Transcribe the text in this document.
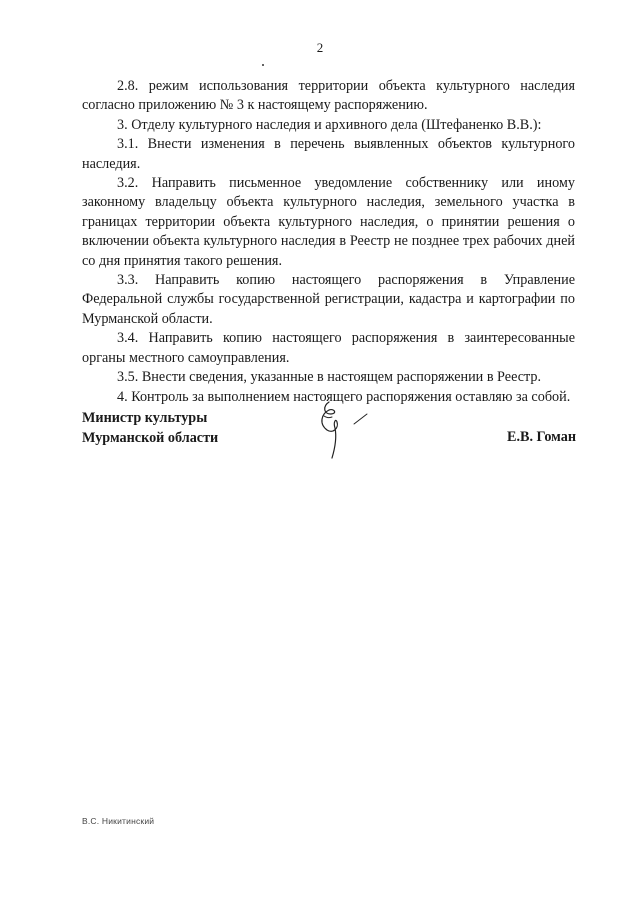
2

2.8. режим использования территории объекта культурного наследия согласно приложению № 3 к настоящему распоряжению.

3. Отделу культурного наследия и архивного дела (Штефаненко В.В.):

3.1. Внести изменения в перечень выявленных объектов культурного наследия.

3.2. Направить письменное уведомление собственнику или иному законному владельцу объекта культурного наследия, земельного участка в границах территории объекта культурного наследия, о принятии решения о включении объекта культурного наследия в Реестр не позднее трех рабочих дней со дня принятия такого решения.

3.3. Направить копию настоящего распоряжения в Управление Федеральной службы государственной регистрации, кадастра и картографии по Мурманской области.

3.4. Направить копию настоящего распоряжения в заинтересованные органы местного самоуправления.

3.5. Внести сведения, указанные в настоящем распоряжении в Реестр.

4. Контроль за выполнением настоящего распоряжения оставляю за собой.

Министр культуры
Мурманской области	Е.В. Гоман
В.С. Никитинский
